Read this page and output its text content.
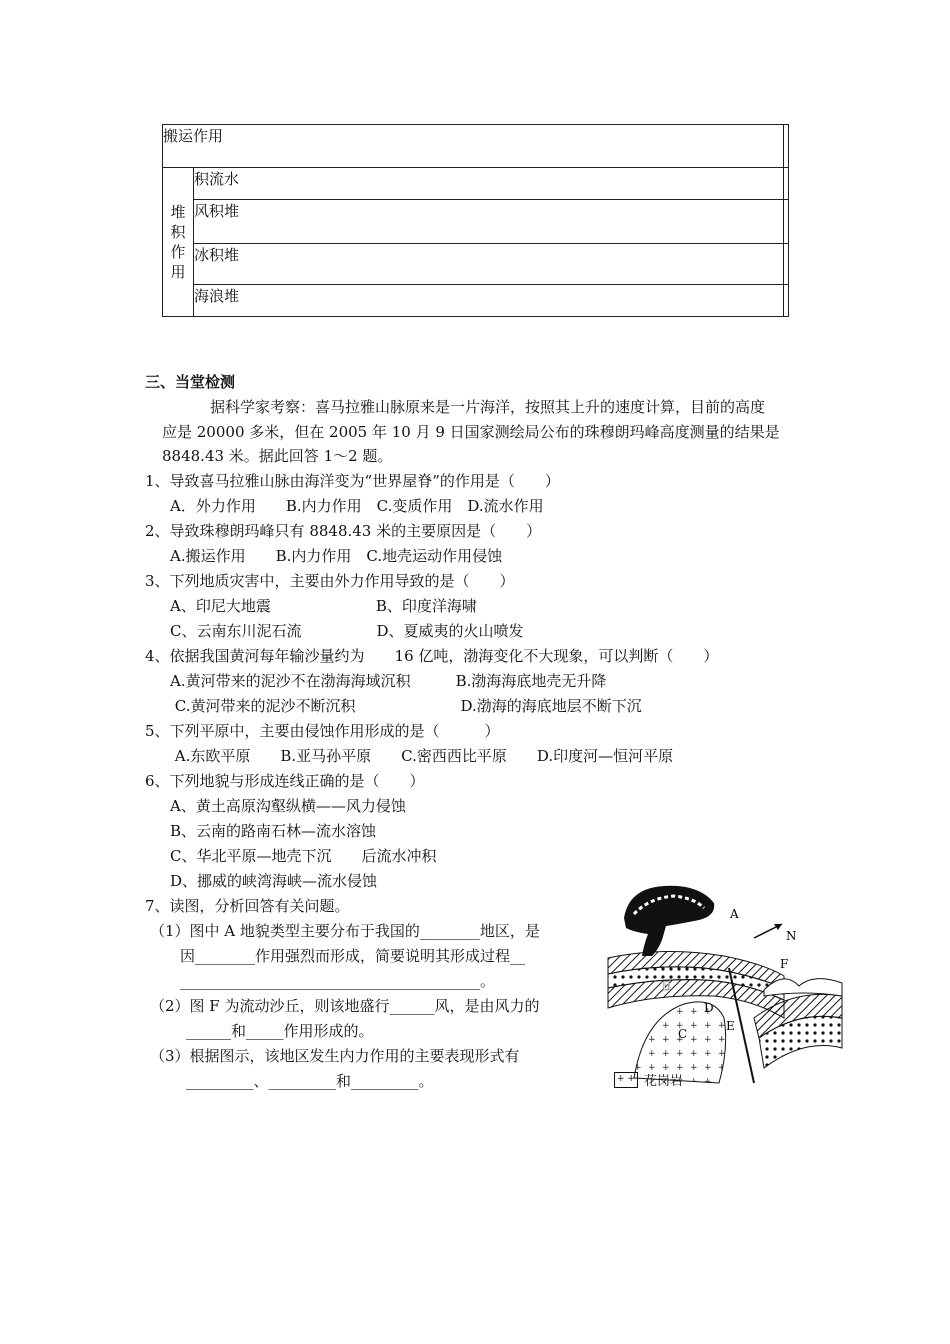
搬运作用		

堆
积
作
用	积流水	
	风积堆	
	冰积堆	
	海浪堆	
三、当堂检测
据科学家考察：喜马拉雅山脉原来是一片海洋，按照其上升的速度计算，目前的高度
应是 20000 多米，但在 2005 年 10 月 9 日国家测绘局公布的珠穆朗玛峰高度测量的结果是
8848.43 米。据此回答 1～2 题。
1、导致喜马拉雅山脉由海洋变为“世界屋脊”的作用是（　　）
　A．外力作用　　B.内力作用　C.变质作用　D.流水作用
2、导致珠穆朗玛峰只有 8848.43 米的主要原因是（　　）
　A.搬运作用　　B.内力作用　C.地壳运动作用侵蚀
3、下列地质灾害中，主要由外力作用导致的是（　　）
　A、印尼大地震　　　　　　　B、印度洋海啸
　C、云南东川泥石流　　　　　D、夏威夷的火山喷发
4、依据我国黄河每年输沙量约为　　16 亿吨，渤海变化不大现象，可以判断（　　）
　A.黄河带来的泥沙不在渤海海域沉积　　　B.渤海海底地壳无升降
　 C.黄河带来的泥沙不断沉积　　　　　　　D.渤海的海底地层不断下沉
5、下列平原中，主要由侵蚀作用形成的是（　　　）
　 A.东欧平原　　B.亚马孙平原　　C.密西西比平原　　D.印度河—恒河平原
6、下列地貌与形成连线正确的是（　　）
　A、黄土高原沟壑纵横——风力侵蚀
　B、云南的路南石林—流水溶蚀
　C、华北平原—地壳下沉　　后流水冲积
　D、挪威的峡湾海峡—流水侵蚀
7、读图，分析回答有关问题。
（1）图中 A 地貌类型主要分布于我国的________地区，是
因________作用强烈而形成，简要说明其形成过程__
________________________________________。
（2）图 F 为流动沙丘，则该地盛行______风，是由风力的
______和_____作用形成的。
（3）根据图示，该地区发生内力作用的主要表现形式有
_________、_________和_________。
A
N
F
B
D
C
E
+ + 花岗岩
